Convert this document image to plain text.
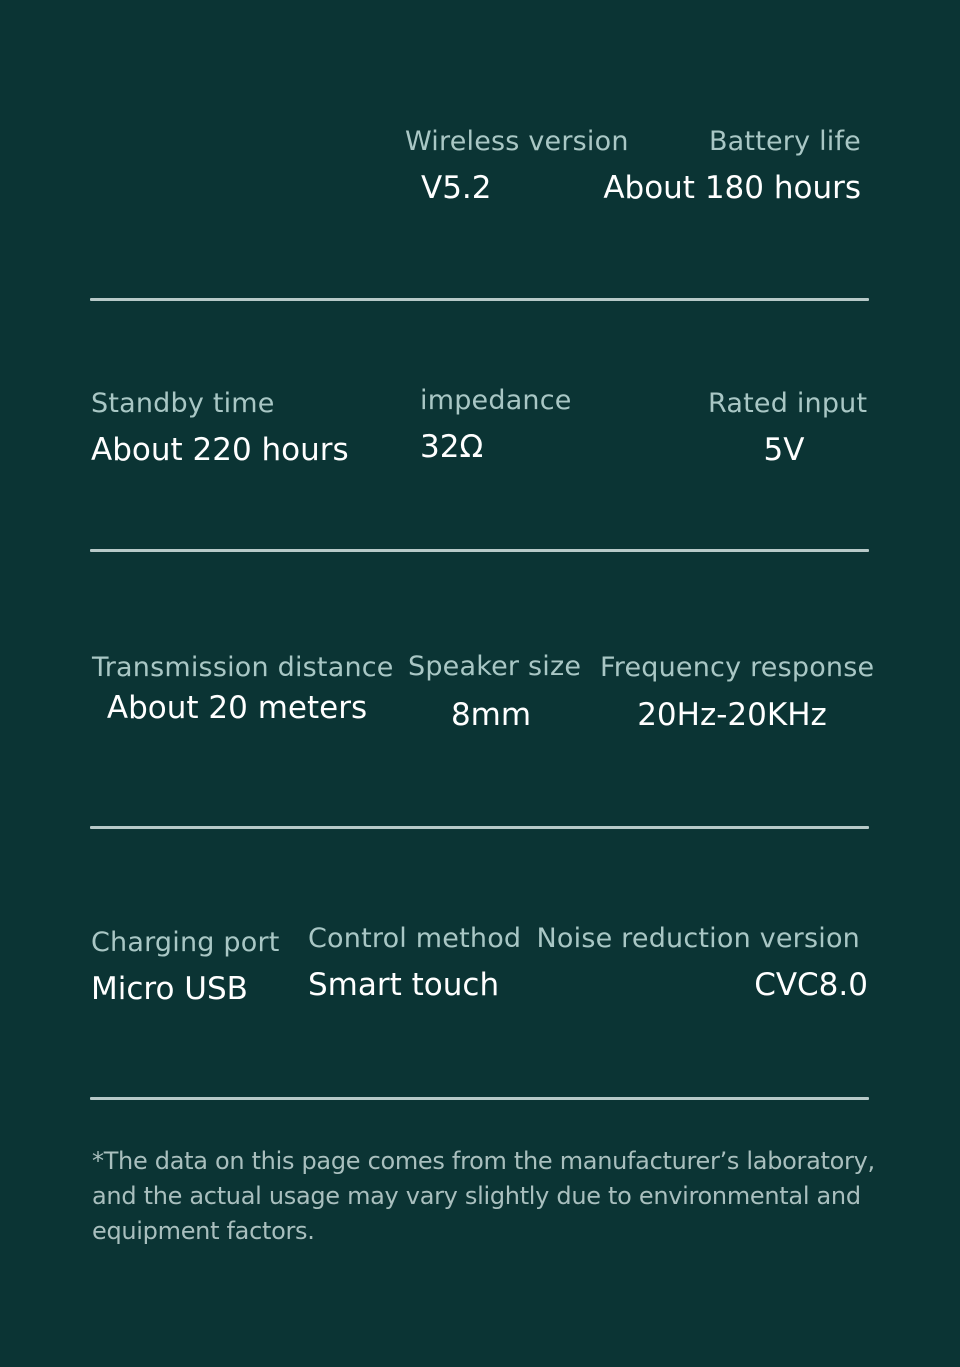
Wireless version
V5.2
Battery life
About 180 hours
Standby time
About 220 hours
impedance
32Ω
Rated input
5V
Transmission distance
About 20 meters
Speaker size
8mm
Frequency response
20Hz-20KHz
Charging port
Micro USB
Control method
Smart touch
Noise reduction version
CVC8.0
*The data on this page comes from the manufacturer’s laboratory, and the actual usage may vary slightly due to environmental and equipment factors.
